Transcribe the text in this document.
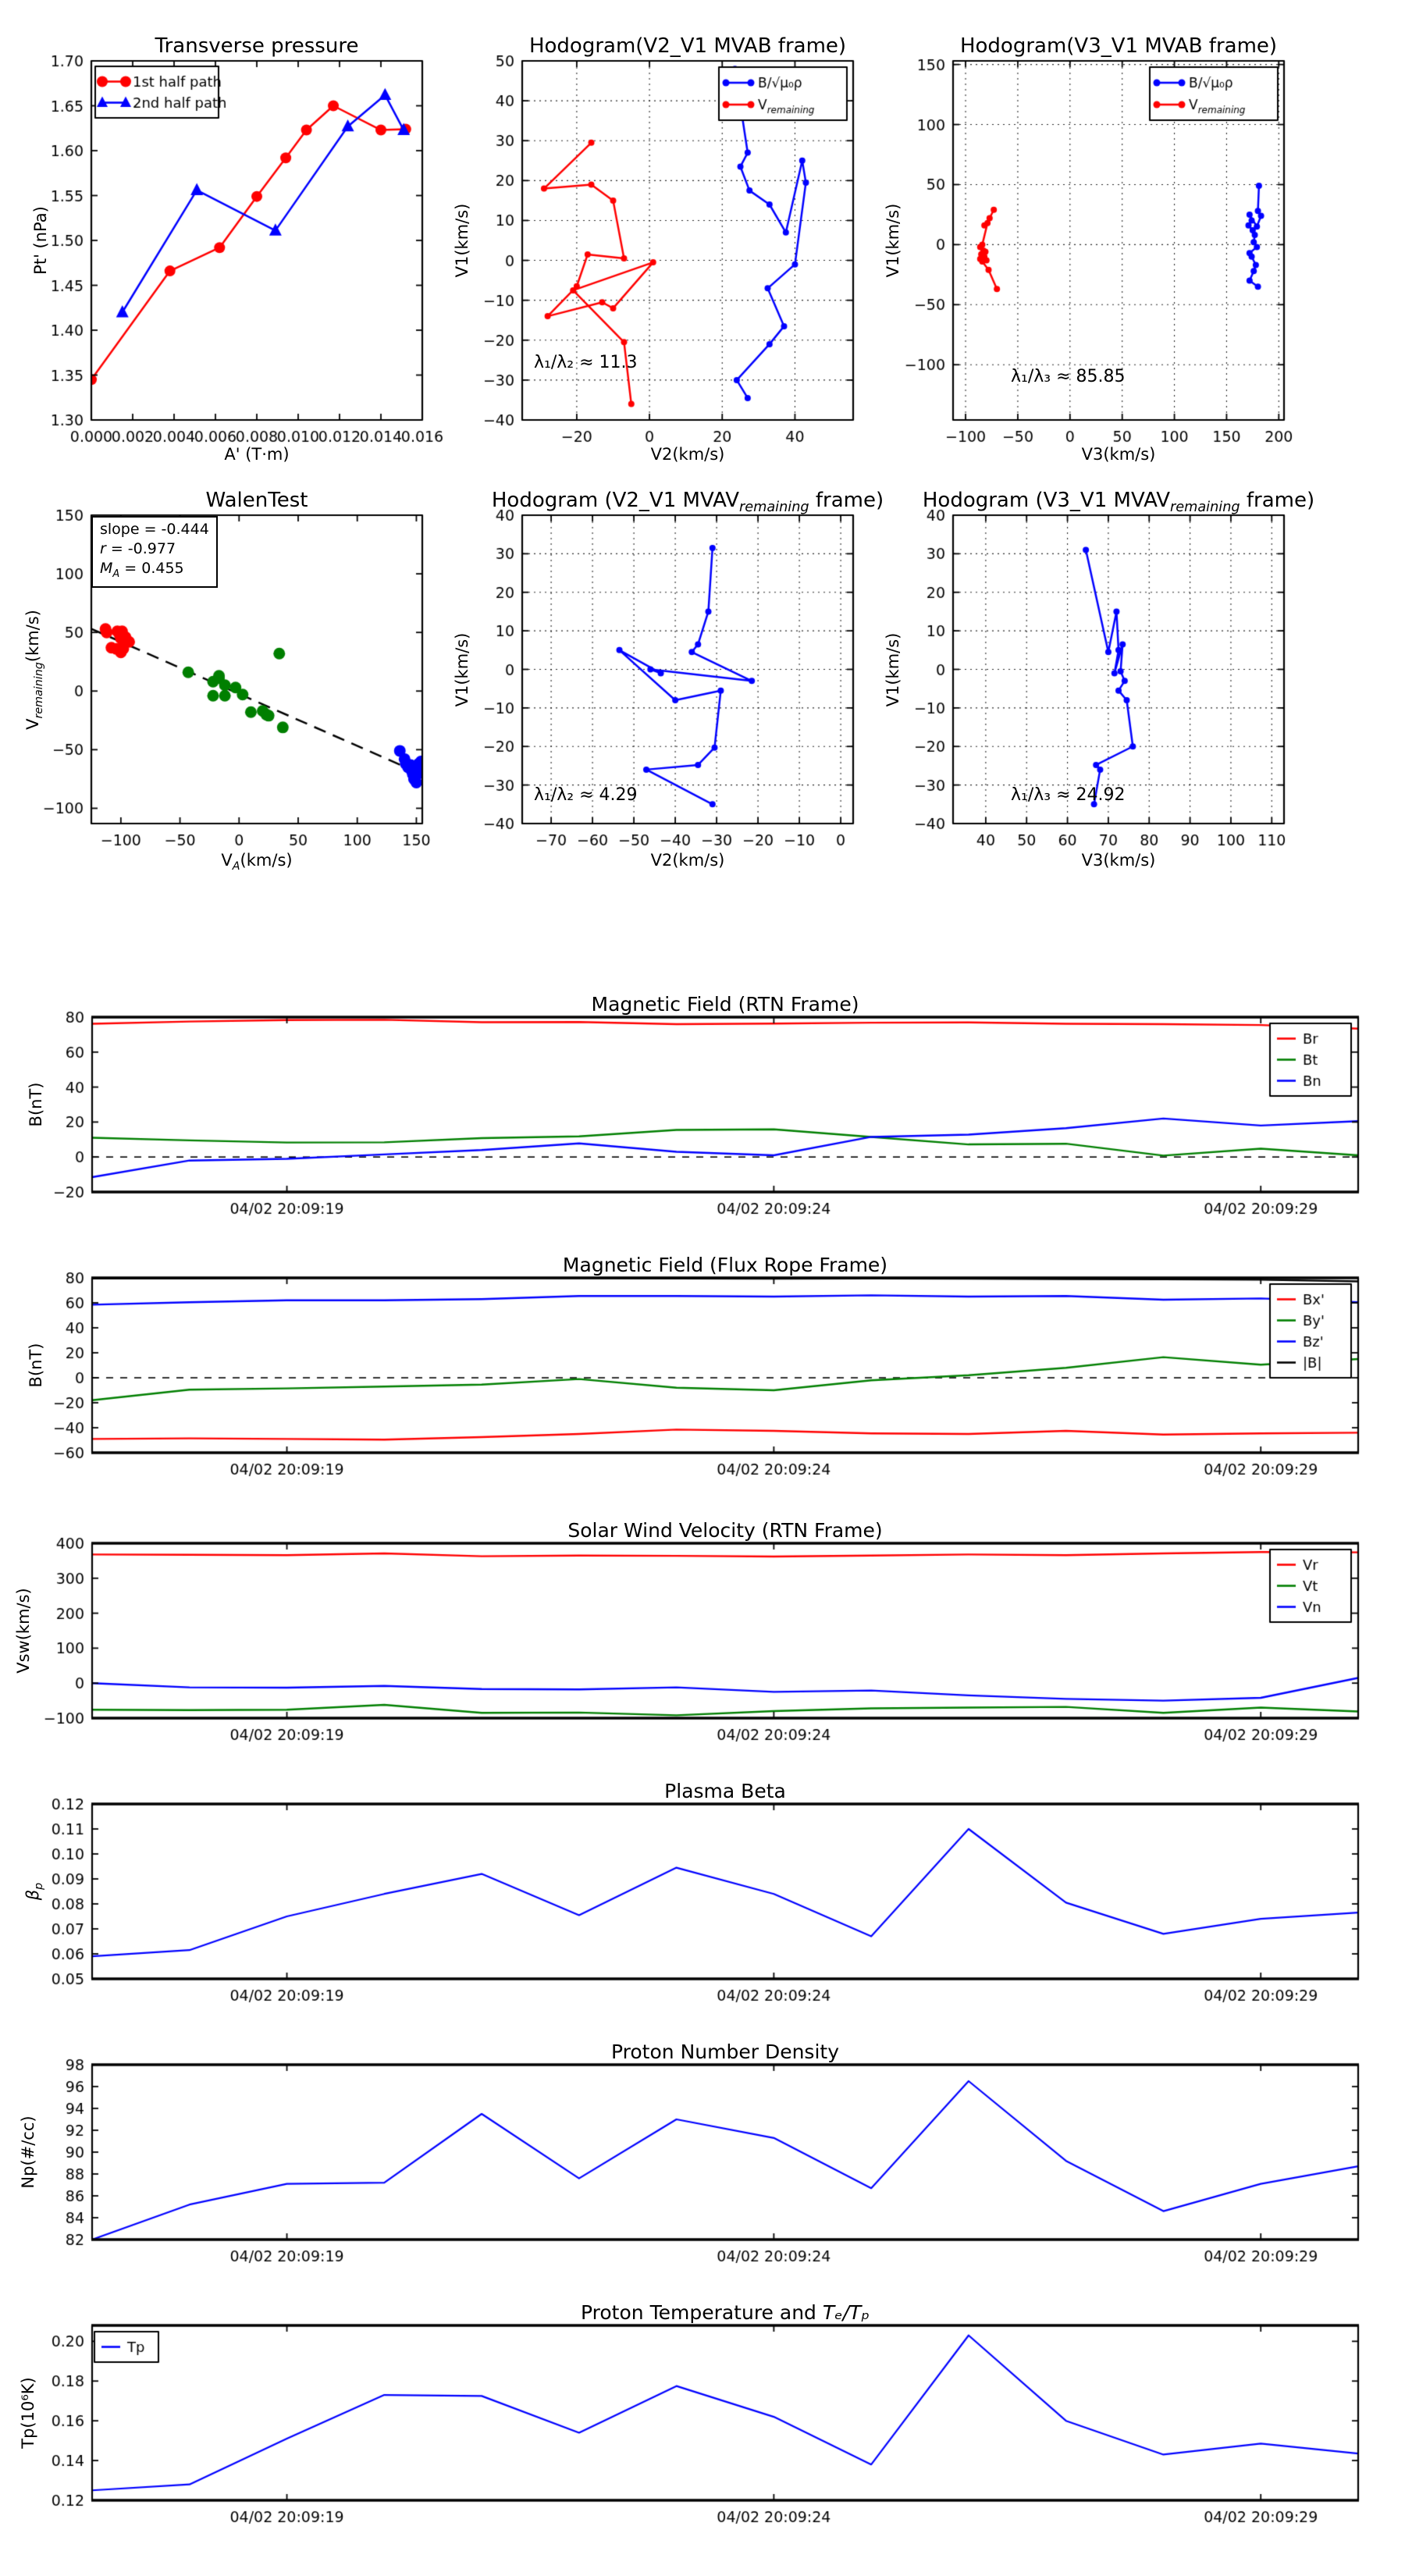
Transverse pressure	Hodogram(V2_V1 MVAB frame)	Hodogram(V3_V1 MVAB frame)
WalenTest	Hodogram (V2_V1 $MVAV_{remaining}$ frame) Hodogram (V3_V1 $MVAV_{remaining}$ frame)
Magnetic Field (RTN Frame)
Magnetic Field (Flux Rope Frame)
Solar Wind Velocity (RTN Frame)
Plasma Beta
Proton Number Density
Proton Temperature and Tₑ/Tₚ
A' (T·m)	V2(km/s)	V3(km/s)
$V_A(km/s)$	V2(km/s)	V3(km/s)
Pt' (nPa)	V1(km/s)	V1(km/s)
$V_{remaining}(km/s)$	V1(km/s)	V1(km/s)
B(nT)
B(nT)
Vsw(km/s)
$\beta_p$
Np(#/cc)
Tp(10⁶K)
λ₁/λ₂ ≈ 11.3
λ₁/λ₃ ≈ 85.85
λ₁/λ₂ ≈ 4.29	λ₁/λ₃ ≈ 24.92
slope = -0.444
r = -0.977
$M_A = 0.455$
